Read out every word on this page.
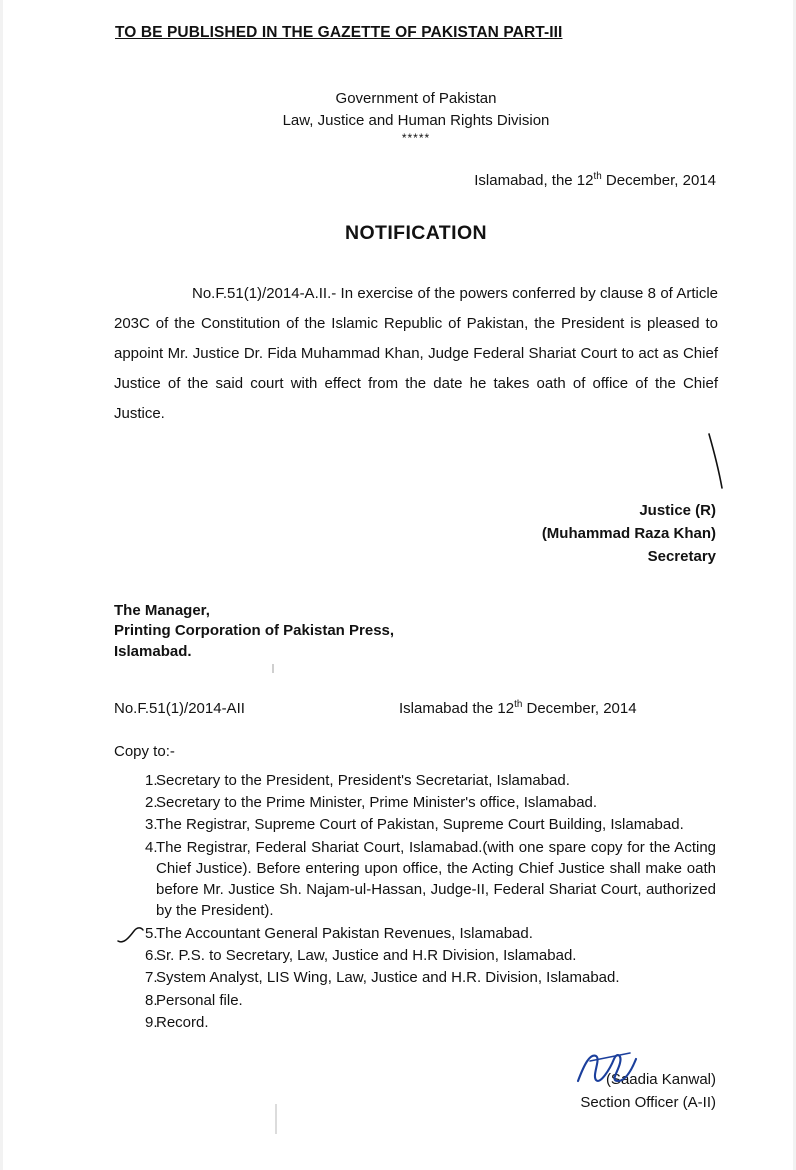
TO BE PUBLISHED IN THE GAZETTE OF PAKISTAN PART-III
Government of Pakistan
Law, Justice and Human Rights Division
*****
Islamabad, the 12th December, 2014
NOTIFICATION
No.F.51(1)/2014-A.II.- In exercise of the powers conferred by clause 8 of Article 203C of the Constitution of the Islamic Republic of Pakistan, the President is pleased to appoint Mr. Justice Dr. Fida Muhammad Khan, Judge Federal Shariat Court to act as Chief Justice of the said court with effect from the date he takes oath of office of the Chief Justice.
Justice (R)
(Muhammad Raza Khan)
Secretary
The Manager,
Printing Corporation of Pakistan Press,
Islamabad.
No.F.51(1)/2014-AII	Islamabad the 12th December, 2014
Copy to:-
1.
Secretary to the President, President's Secretariat, Islamabad.
2.
Secretary to the Prime Minister, Prime Minister's office, Islamabad.
3.
The Registrar, Supreme Court of Pakistan, Supreme Court Building, Islamabad.
4.
The Registrar, Federal Shariat Court, Islamabad.(with one spare copy for the Acting Chief Justice). Before entering upon office, the Acting Chief Justice shall make oath before Mr. Justice Sh. Najam-ul-Hassan, Judge-II, Federal Shariat Court, authorized by the President).
5.
The Accountant General Pakistan Revenues, Islamabad.
6.
Sr. P.S. to Secretary, Law, Justice and H.R Division, Islamabad.
7.
System Analyst, LIS Wing, Law, Justice and H.R. Division, Islamabad.
8.
Personal file.
9.
Record.
(Saadia Kanwal)
Section Officer (A-II)
